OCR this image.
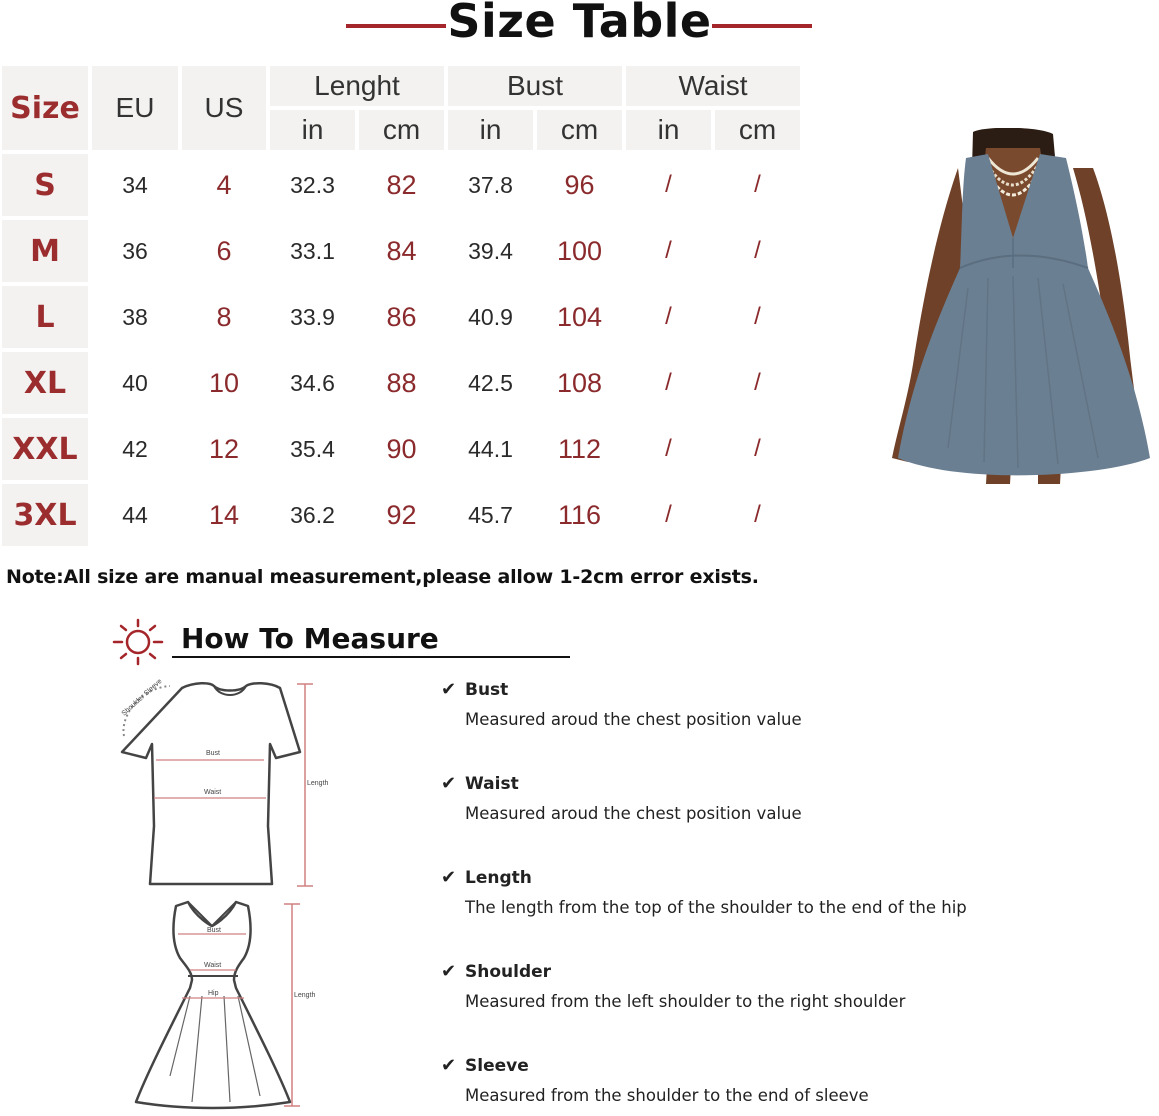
Size Table
Size	EU	US
Lenght	Bust	Waist
in	cm	in	cm	in	cm
S	34	4	32.3	82	37.8	96	/	/
M	36	6	33.1	84	39.4	100	/	/
L	38	8	33.9	86	40.9	104	/	/
XL	40	10	34.6	88	42.5	108	/	/
XXL	42	12	35.4	90	44.1	112	/	/
3XL	44	14	36.2	92	45.7	116	/	/
Note:All size are manual measurement,please allow 1-2cm error exists.
How To Measure
Shoulder Sleeve
Bust
Waist
Length
Bust
Waist
Hip	Length
✔ Bust
Measured aroud the chest position value
✔ Waist
Measured aroud the chest position value
✔ Length
The length from the top of the shoulder to the end of the hip
✔ Shoulder
Measured from the left shoulder to the right shoulder
✔ Sleeve
Measured from the shoulder to the end of sleeve
